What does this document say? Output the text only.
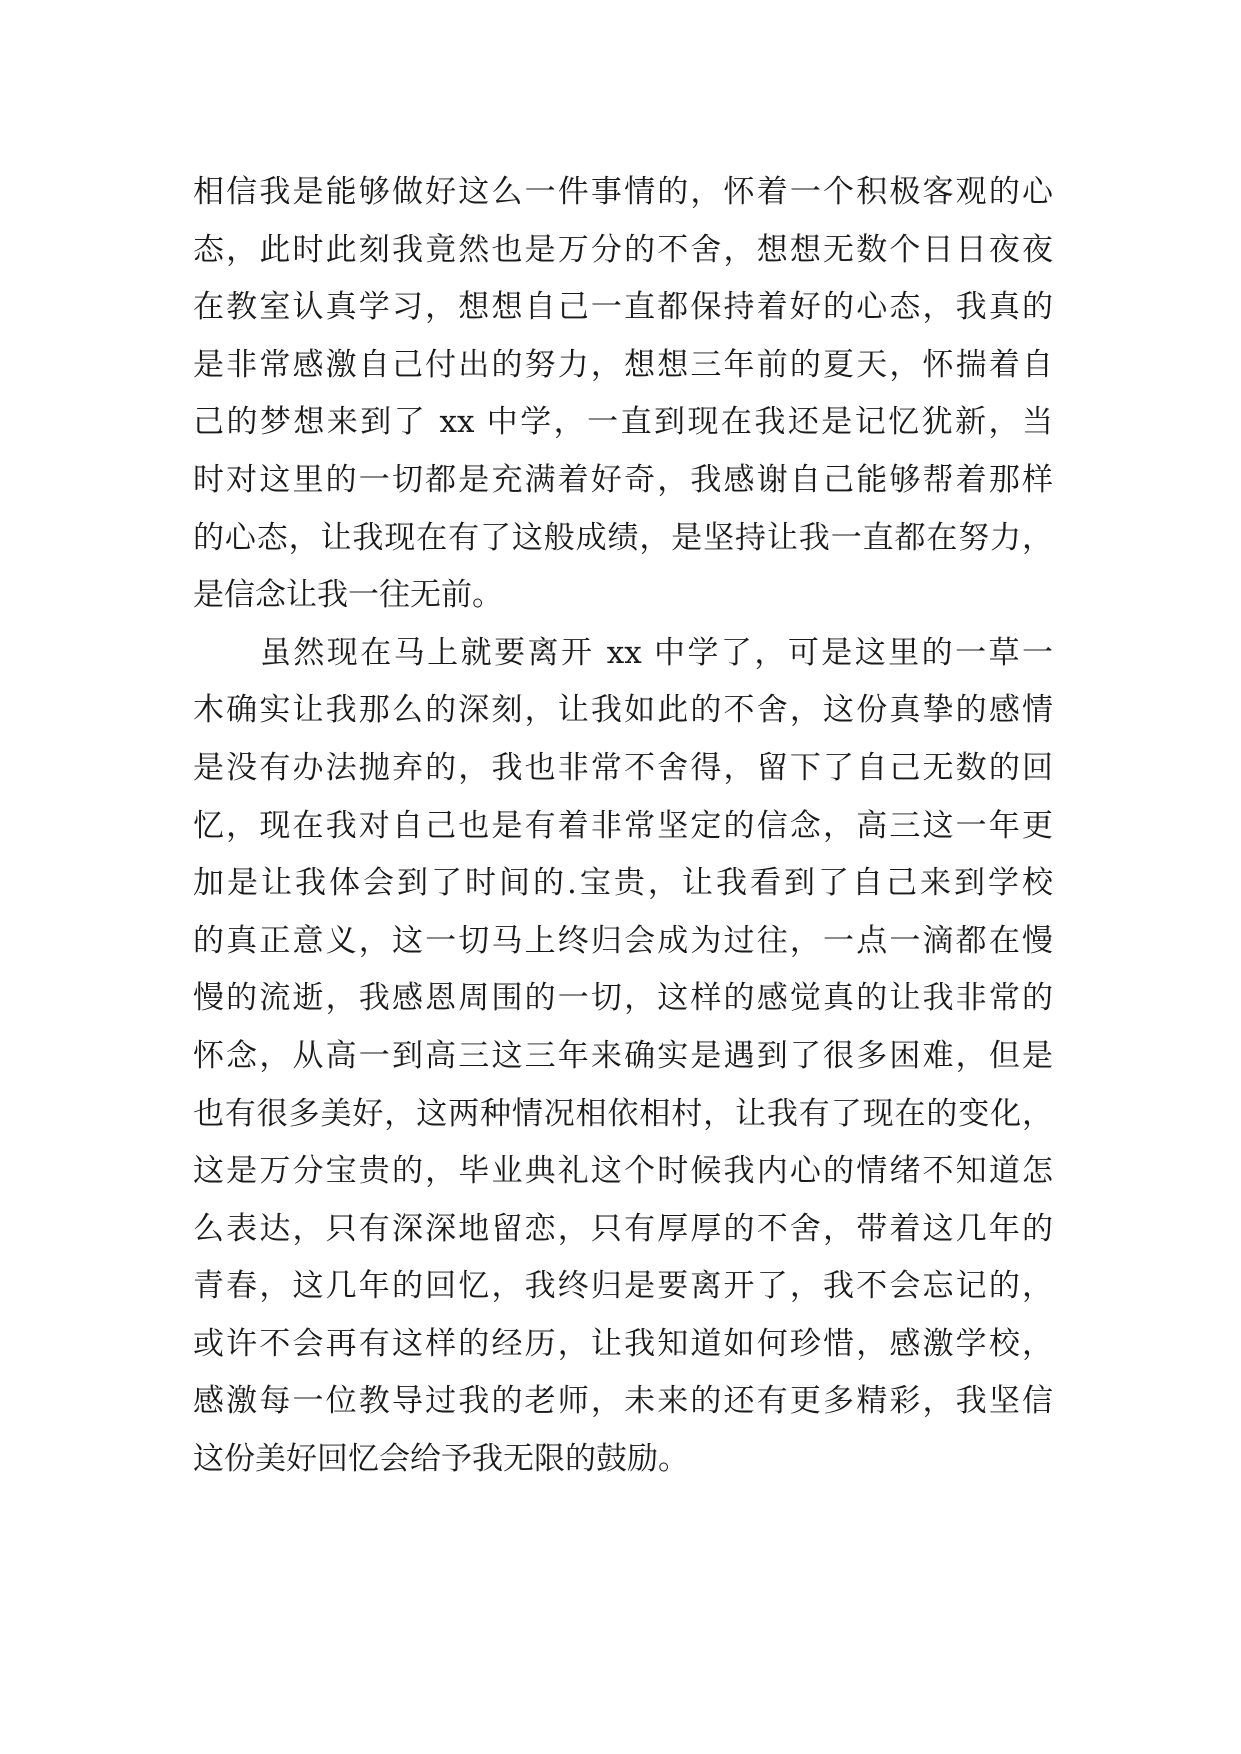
相信我是能够做好这么一件事情的，怀着一个积极客观的心
态，此时此刻我竟然也是万分的不舍，想想无数个日日夜夜
在教室认真学习，想想自己一直都保持着好的心态，我真的
是非常感激自己付出的努力，想想三年前的夏天，怀揣着自
己的梦想来到了 xx 中学，一直到现在我还是记忆犹新，当
时对这里的一切都是充满着好奇，我感谢自己能够帮着那样
的心态，让我现在有了这般成绩，是坚持让我一直都在努力，
是信念让我一往无前。
　　虽然现在马上就要离开 xx 中学了，可是这里的一草一
木确实让我那么的深刻，让我如此的不舍，这份真挚的感情
是没有办法抛弃的，我也非常不舍得，留下了自己无数的回
忆，现在我对自己也是有着非常坚定的信念，高三这一年更
加是让我体会到了时间的.宝贵，让我看到了自己来到学校
的真正意义，这一切马上终归会成为过往，一点一滴都在慢
慢的流逝，我感恩周围的一切，这样的感觉真的让我非常的
怀念，从高一到高三这三年来确实是遇到了很多困难，但是
也有很多美好，这两种情况相依相村，让我有了现在的变化，
这是万分宝贵的，毕业典礼这个时候我内心的情绪不知道怎
么表达，只有深深地留恋，只有厚厚的不舍，带着这几年的
青春，这几年的回忆，我终归是要离开了，我不会忘记的，
或许不会再有这样的经历，让我知道如何珍惜，感激学校，
感激每一位教导过我的老师，未来的还有更多精彩，我坚信
这份美好回忆会给予我无限的鼓励。
